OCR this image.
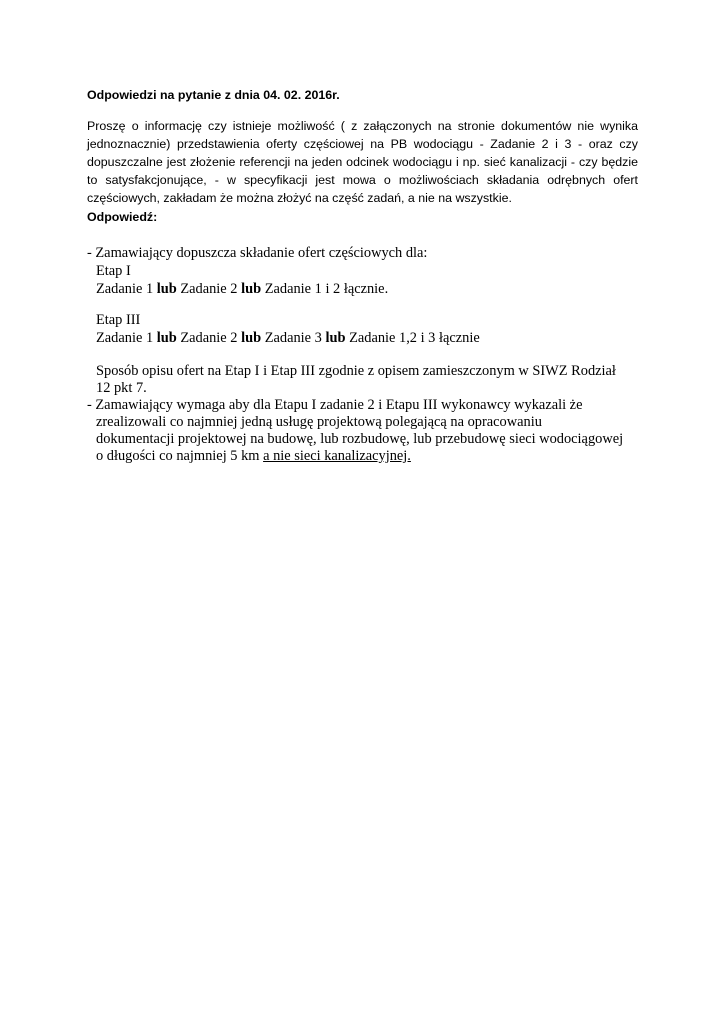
Odpowiedzi na pytanie z dnia 04. 02. 2016r.

Proszę o informację czy istnieje możliwość ( z załączonych na stronie dokumentów nie wynika jednoznacznie) przedstawienia oferty częściowej na PB wodociągu - Zadanie 2 i 3 - oraz czy dopuszczalne jest złożenie referencji na jeden odcinek wodociągu i np. sieć kanalizacji - czy będzie to satysfakcjonujące, - w specyfikacji jest mowa o możliwościach składania odrębnych ofert częściowych, zakładam że można złożyć na część zadań, a nie na wszystkie.

Odpowiedź:

- Zamawiający dopuszcza składanie ofert częściowych dla:
Etap I
Zadanie 1 lub Zadanie 2 lub Zadanie 1 i 2 łącznie.
Etap III
Zadanie 1 lub Zadanie 2 lub Zadanie 3 lub Zadanie 1,2 i 3 łącznie
Sposób opisu ofert na Etap I i Etap III zgodnie z opisem zamieszczonym w SIWZ Rodział
12 pkt 7.
- Zamawiający wymaga aby dla Etapu I zadanie 2 i Etapu III wykonawcy wykazali że
zrealizowali co najmniej jedną usługę projektową polegającą na opracowaniu
dokumentacji projektowej na budowę, lub rozbudowę, lub przebudowę sieci wodociągowej
o długości co najmniej 5 km a nie sieci kanalizacyjnej.
